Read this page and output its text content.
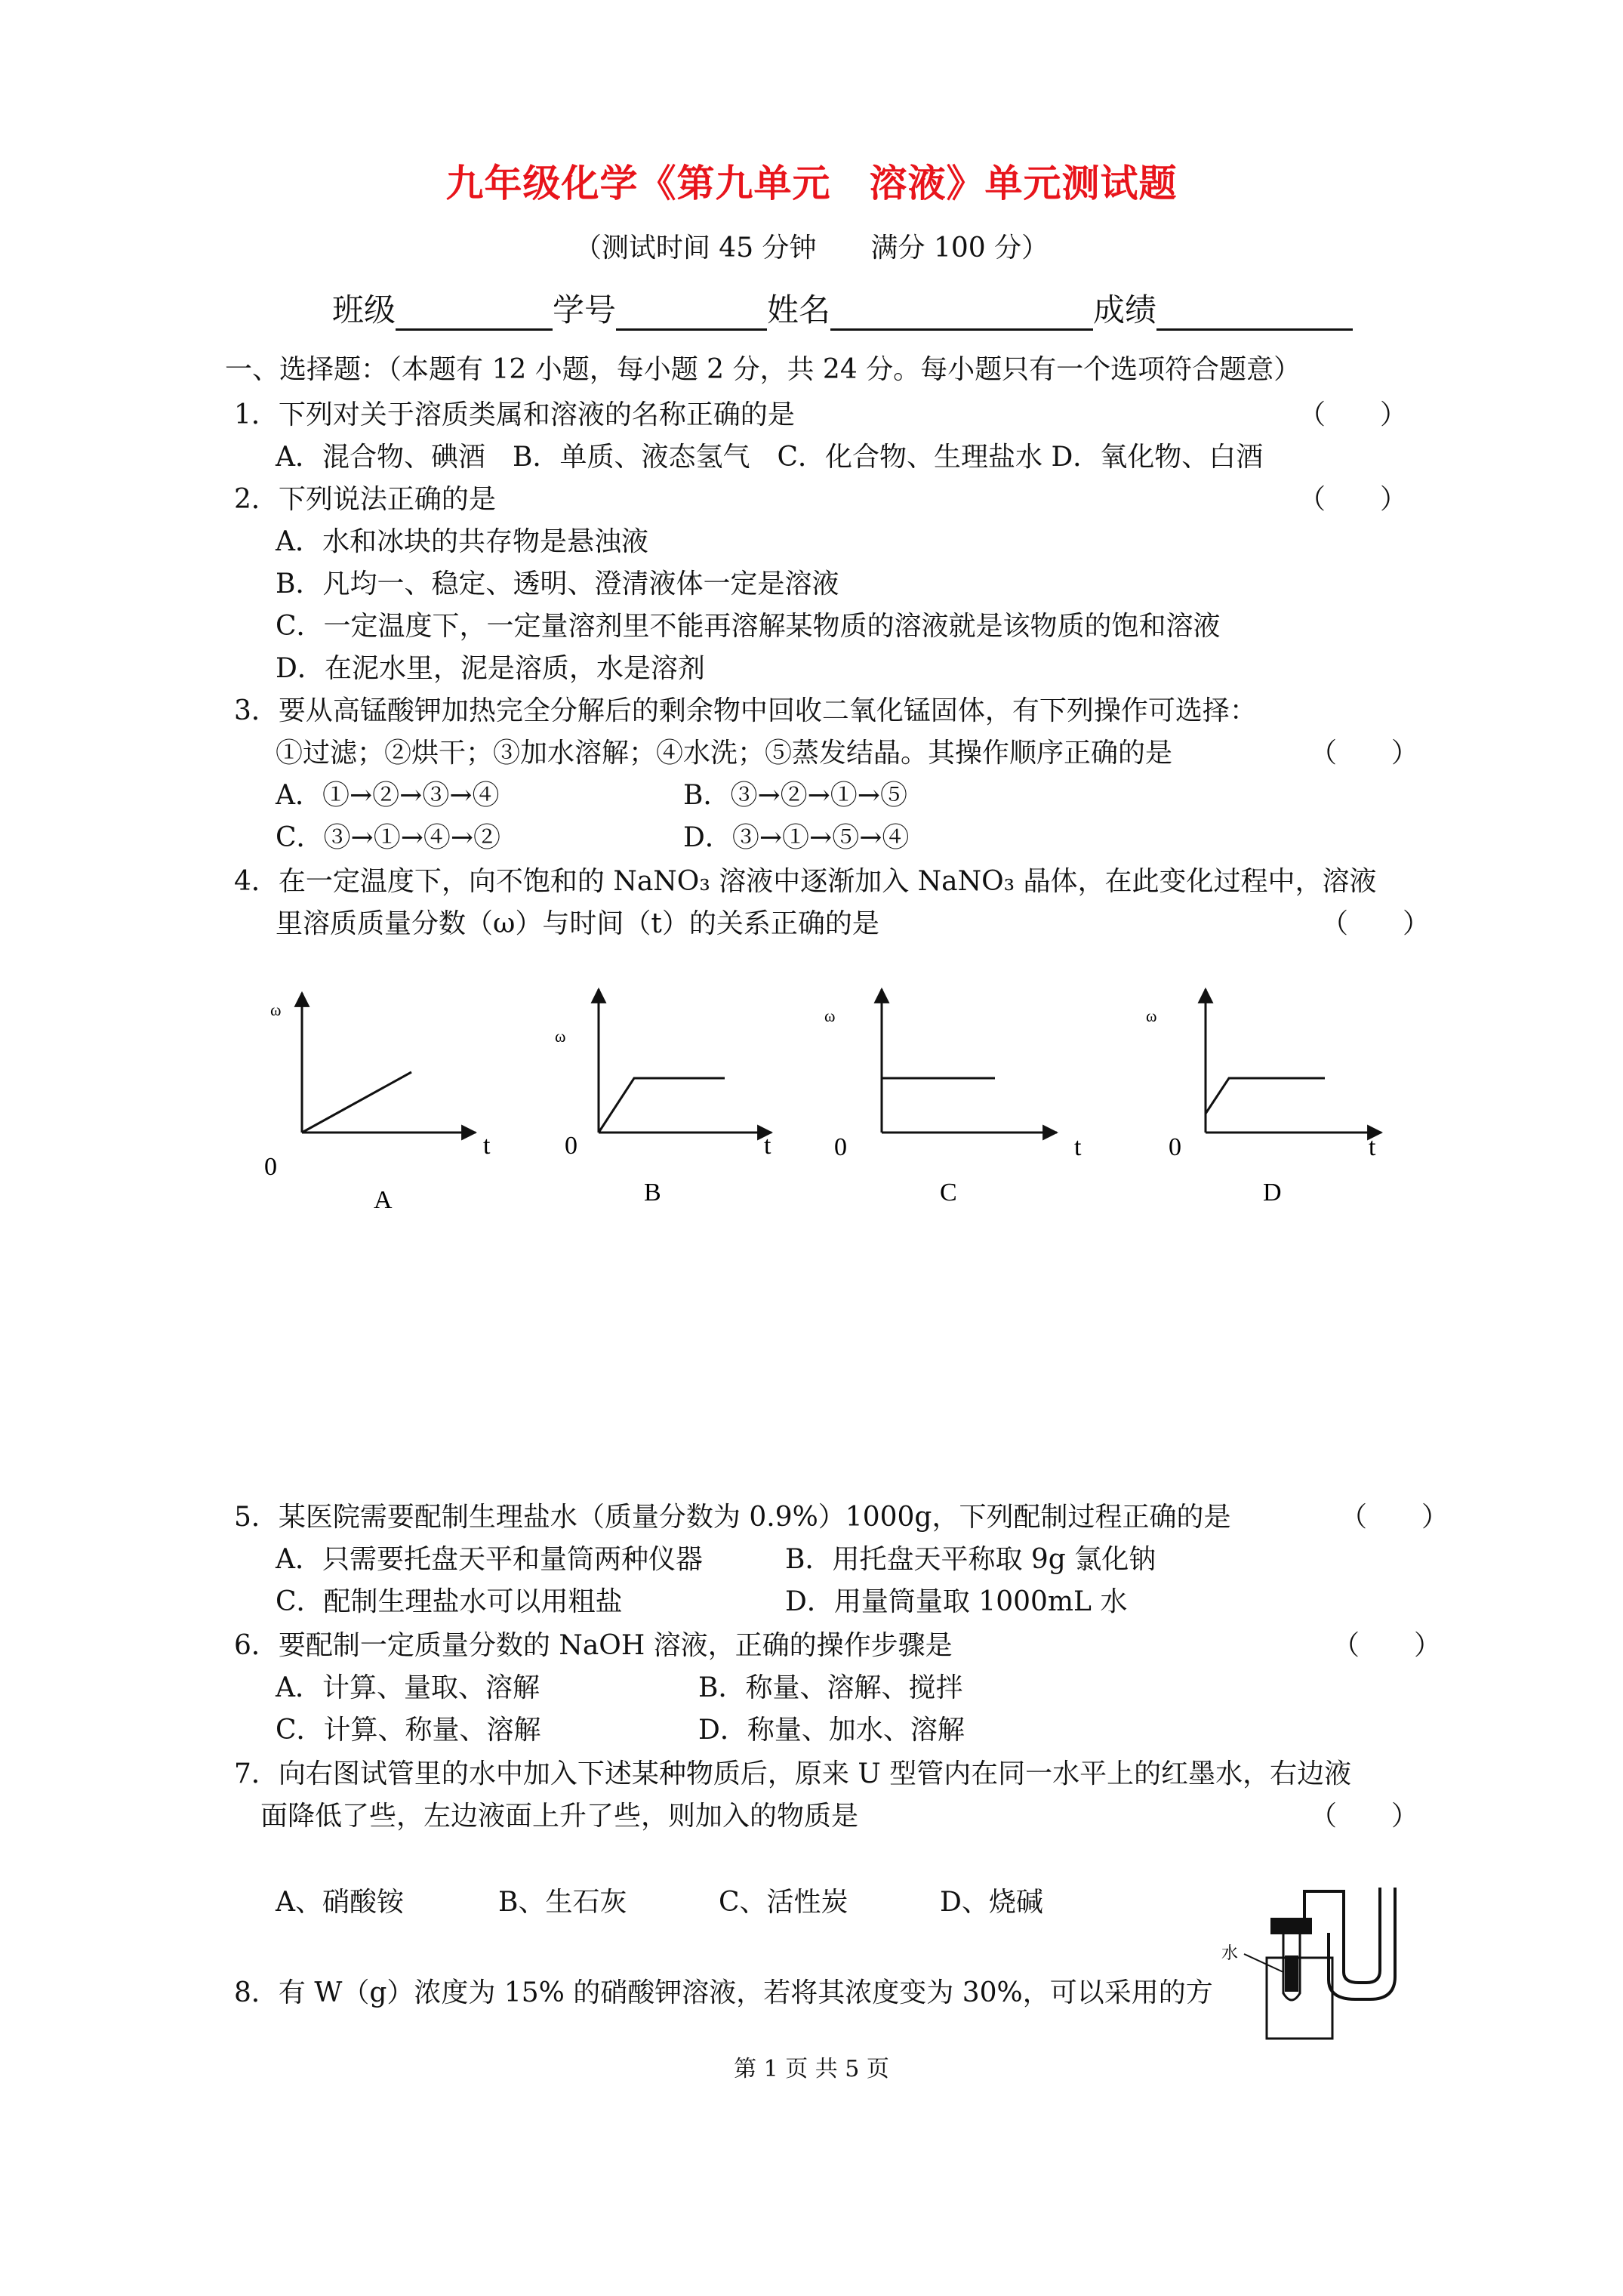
九年级化学《第九单元　溶液》单元测试题
（测试时间 45 分钟　　满分 100 分）
班级	学号	姓名	成绩
一、选择题：（本题有 12 小题，每小题 2 分，共 24 分。每小题只有一个选项符合题意）
1．下列对关于溶质类属和溶液的名称正确的是	（　　）
A．混合物、碘酒　B．单质、液态氢气　C．化合物、生理盐水 D．氧化物、白酒
2．下列说法正确的是	（　　）
A．水和冰块的共存物是悬浊液
B．凡均一、稳定、透明、澄清液体一定是溶液
C．一定温度下，一定量溶剂里不能再溶解某物质的溶液就是该物质的饱和溶液
D．在泥水里，泥是溶质，水是溶剂
3．要从高锰酸钾加热完全分解后的剩余物中回收二氧化锰固体，有下列操作可选择：
①过滤；②烘干；③加水溶解；④水洗；⑤蒸发结晶。其操作顺序正确的是	（　　）
A．①→②→③→④	B．③→②→①→⑤
C．③→①→④→②	D．③→①→⑤→④
4．在一定温度下，向不饱和的 NaNO₃ 溶液中逐渐加入 NaNO₃ 晶体，在此变化过程中，溶液
里溶质质量分数（ω）与时间（t）的关系正确的是	（　　）
ω
t
0
A
ω
t
0
B
ω
t
0
C
ω
t
0
D
水
5．某医院需要配制生理盐水（质量分数为 0.9%）1000g，下列配制过程正确的是	（　　）
A．只需要托盘天平和量筒两种仪器	B．用托盘天平称取 9g 氯化钠
C．配制生理盐水可以用粗盐	D．用量筒量取 1000mL 水
6．要配制一定质量分数的 NaOH 溶液，正确的操作步骤是	（　　）
A．计算、量取、溶解	B．称量、溶解、搅拌
C．计算、称量、溶解	D．称量、加水、溶解
7．向右图试管里的水中加入下述某种物质后，原来 U 型管内在同一水平上的红墨水，右边液
面降低了些，左边液面上升了些，则加入的物质是	（　　）
A、硝酸铵	B、生石灰	C、活性炭	D、烧碱
8．有 W（g）浓度为 15% 的硝酸钾溶液，若将其浓度变为 30%，可以采用的方
第 1 页 共 5 页
